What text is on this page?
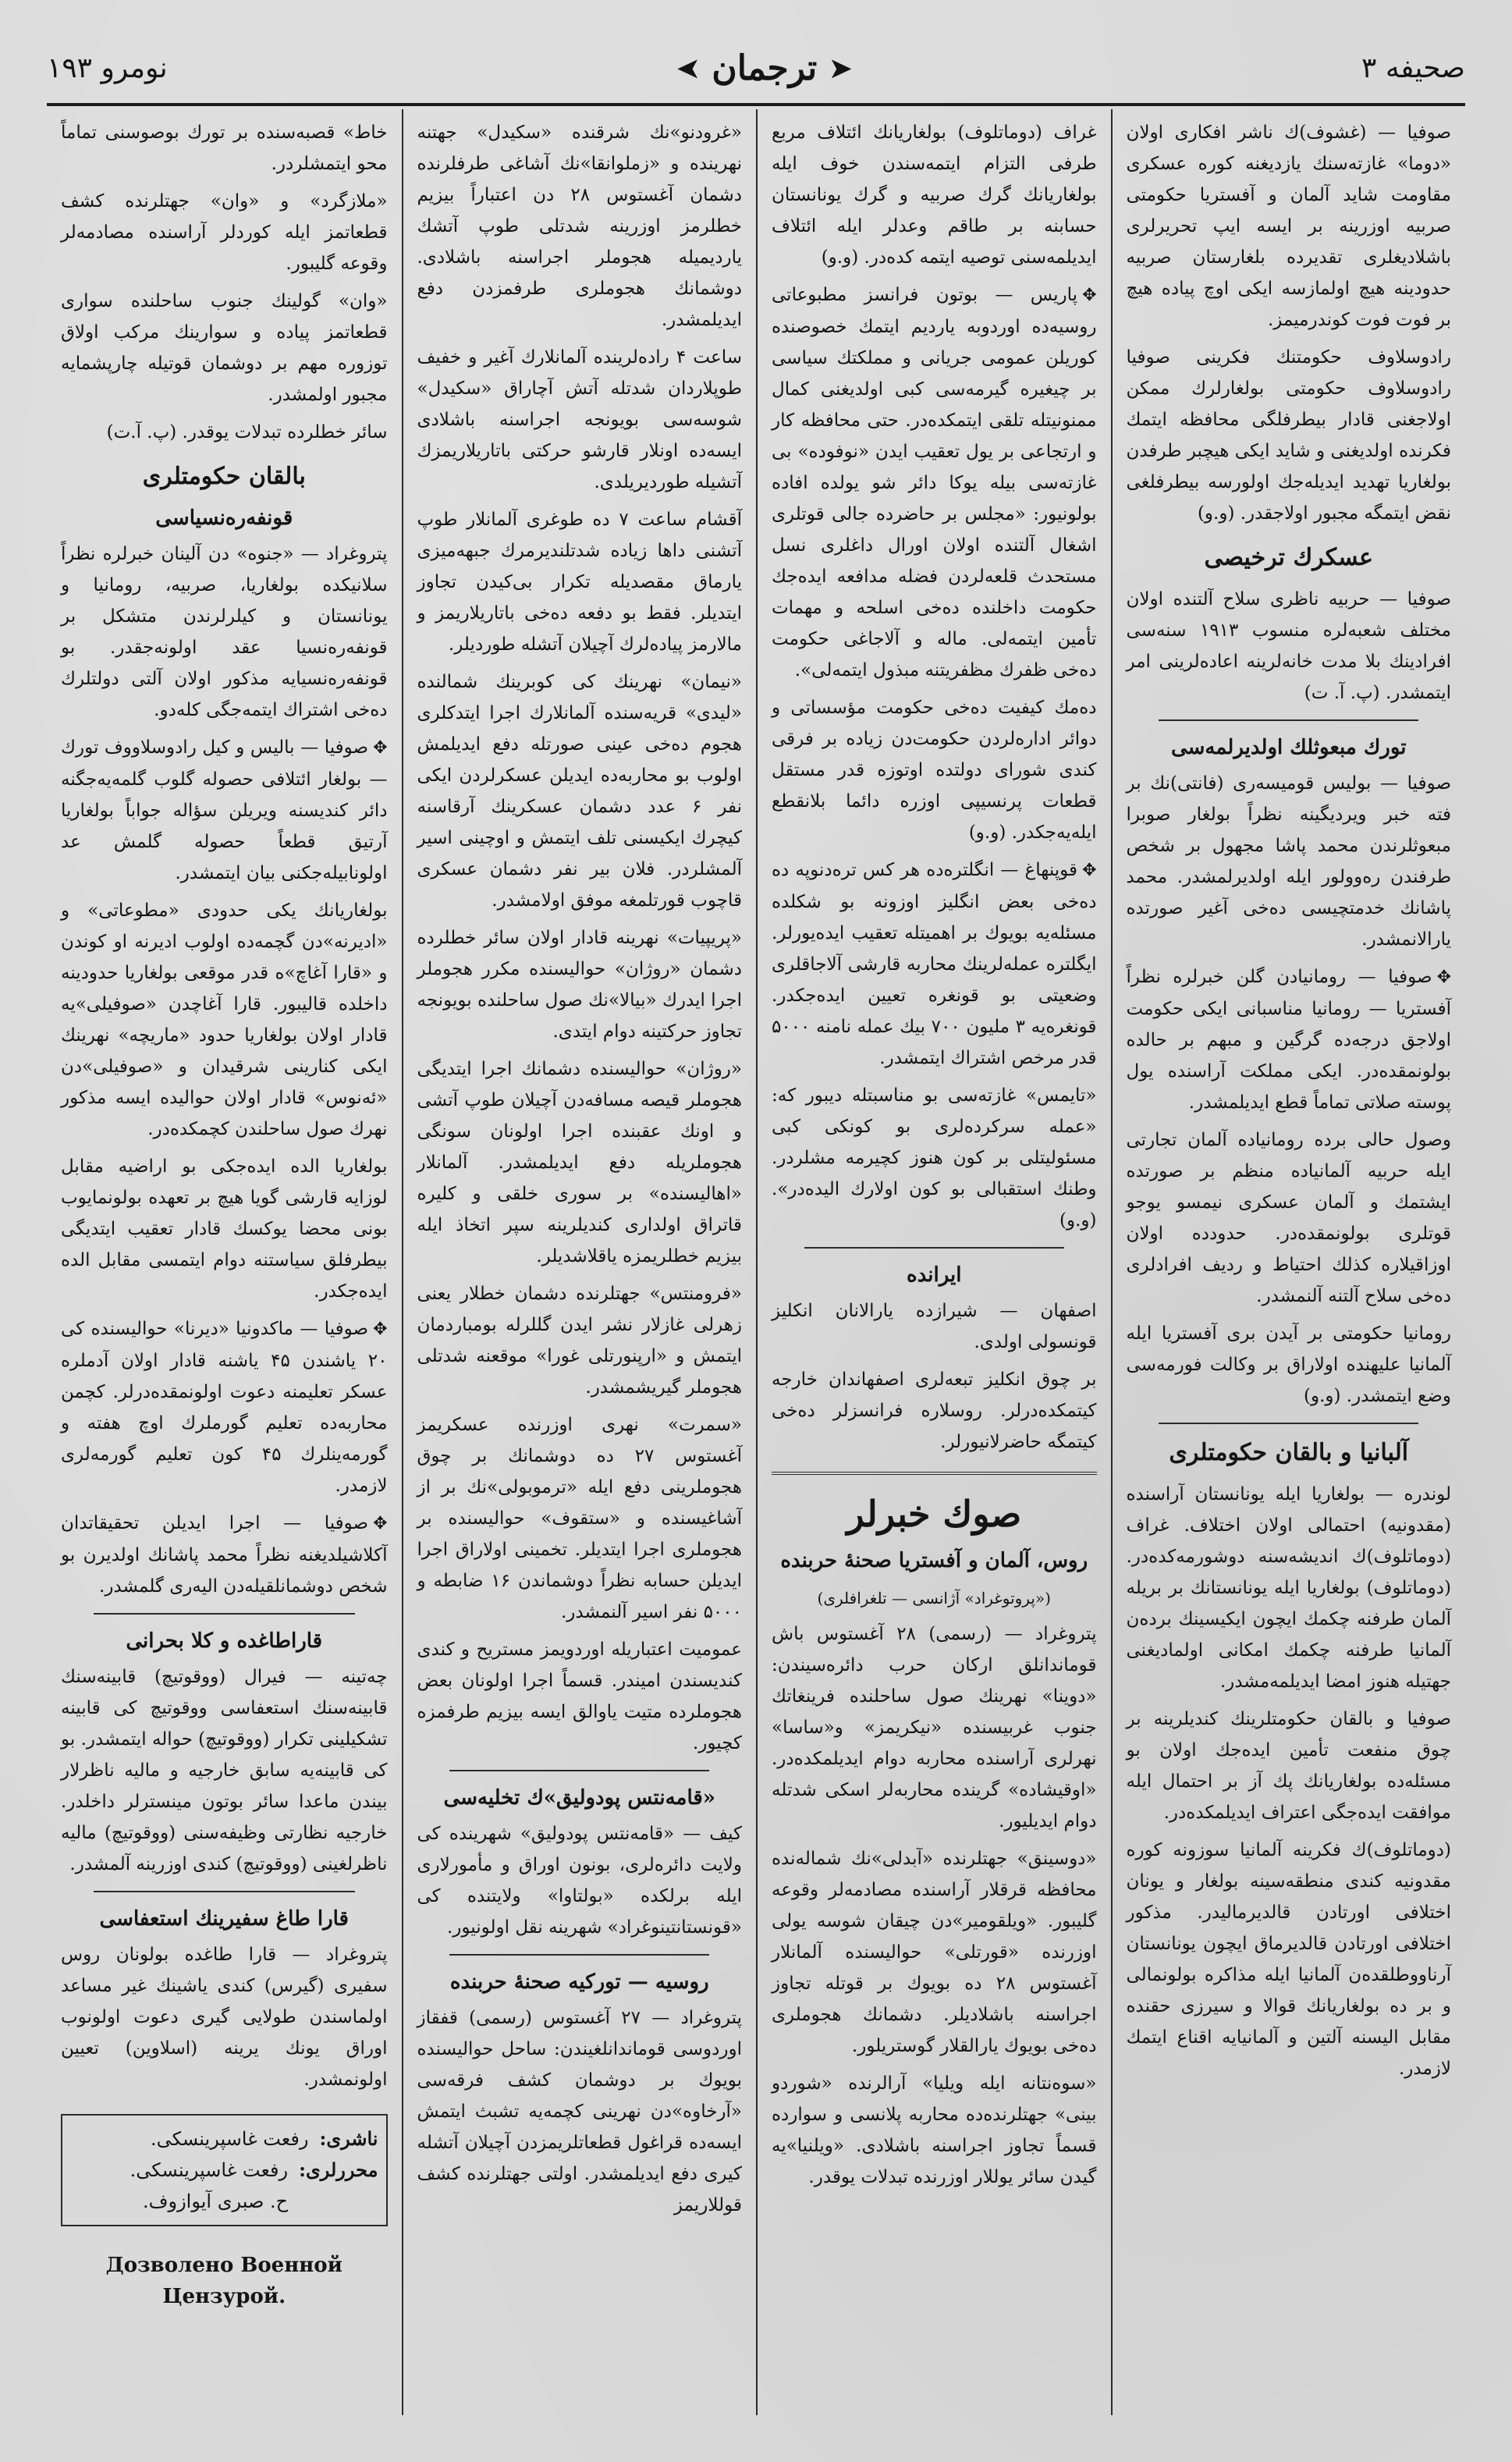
صحیفه ۳
➤
ترجمان
➤
نومرو ۱۹۳

صوفیا — (غشوف)ك ناشر افكاری اولان «دوما» غازته‌سنك یازدیغنه كوره عسكری مقاومت شاید آلمان و آفستریا حكومتی صربیه اوزرینه بر ایسه ایپ تحریرلری باشلادیغلری تقدیرده بلغارستان صربیه حدودینه هیچ اولمازسه ایكی اوچ پیاده هیچ بر فوت فوت كوندرمیمز.

رادوسلاوف حكومتنك فكرینی صوفیا رادوسلاوف حكومتی بولغارلرك ممكن اولاجغنی قادار بیطرفلگی محافظه ایتمك فكرنده اولدیغنی و شاید ایكی هیچبر طرفدن بولغاریا تهدید ایدیله‌جك اولورسه بیطرفلغی نقض ایتمگه مجبور اولاجقدر. (و.و)

عسكرك ترخیصی

صوفیا — حربیه ناظری سلاح آلتنده اولان مختلف شعبه‌لره منسوب ۱۹۱۳ سنه‌سی افرادینك بلا مدت خانه‌لرینه اعاده‌لرینی امر ایتمشدر. (پ. آ. ت)

تورك مبعوثلك اولدیرلمه‌سی

صوفیا — بولیس قومیسه‌ری (فانتی)نك بر فته خبر ویردیگینه نظراً بولغار صوبرا مبعوثلرندن محمد پاشا مجهول بر شخص طرفندن ره‌وولور ایله اولدیرلمشدر. محمد پاشانك خدمتچیسی ده‌خی آغیر صورتده یارالانمشدر.

✥صوفیا — رومانیادن گلن خبرلره نظراً آفستریا — رومانیا مناسبانی ایكی حكومت اولاجق درجه‌ده گرگین و مبهم بر حالده بولونمقده‌در. ایكی مملكت آراسنده یول پوسته صلاتی تماماً قطع ایدیلمشدر.

وصول حالی برده رومانیاده آلمان تجارتی ایله حربیه آلمانیاده منظم بر صورتده ایشتمك و آلمان عسكری نیمسو یوجو قوتلری بولونمقده‌در. حدودده اولان اوزاقیلاره كذلك احتیاط و ردیف افرادلری ده‌خی سلاح آلتنه آلنمشدر.

رومانیا حكومتی بر آیدن بری آفستریا ایله آلمانیا علیهنده اولاراق بر وكالت فورمه‌سی وضع ایتمشدر. (و.و)

آلبانیا و بالقان حكومتلری

لوندره — بولغاریا ایله یونانستان آراسنده (مقدونیه) احتمالی اولان اختلاف. غراف (دوماتلوف)ك اندیشه‌سنه دوشورمه‌كده‌در. (دوماتلوف) بولغاریا ایله یونانستانك بر بریله آلمان طرفنه چكمك ایچون ایكیسینك برده‌ن آلمانیا طرفنه چكمك امكانی اولمادیغنی جهتیله هنوز امضا ایدیلمه‌مشدر.

صوفیا و بالقان حكومتلرینك كندیلرینه بر چوق منفعت تأمین ایده‌جك اولان بو مسئله‌ده بولغاریانك پك آز بر احتمال ایله موافقت ایده‌جگی اعتراف ایدیلمكده‌در.

(دوماتلوف)ك فكرینه آلمانیا سوزونه كوره مقدونیه كندی منطقه‌سینه بولغار و یونان اختلافی اورتادن قالدیرمالیدر. مذكور اختلافی اورتادن قالدیرماق ایچون یونانستان آرناووطلقده‌ن آلمانیا ایله مذاكره بولونمالی و بر ده بولغاریانك قوالا و سیرزی حقنده مقابل الیسنه آلتین و آلمانیایه اقناع ایتمك لازمدر.

غراف (دوماتلوف) بولغاریانك ائتلاف مربع طرفی التزام ایتمه‌سندن خوف ایله بولغاریانك گرك صربیه و گرك یونانستان حسابنه بر طاقم وعدلر ایله ائتلاف ایدیلمه‌سنی توصیه ایتمه كده‌در. (و.و)

✥پاریس — بوتون فرانسز مطبوعاتی روسیه‌ده اوردوبه یاردیم ایتمك خصوصنده كوریلن عمومی جریانی و مملكتك سیاسی بر چیغیره گیرمه‌سی كبی اولدیغنی كمال ممنونیتله تلقی ایتمكده‌در. حتی محافظه كار و ارتجاعی بر یول تعقیب ایدن «نوفوده» بی غازته‌سی بیله یوكا دائر شو یولده افاده بولونیور: «مجلس بر حاضرده جالی قوتلری اشغال آلتنده اولان اورال داغلری نسل مستحدث قلعه‌لردن فضله مدافعه ایده‌جك حكومت داخلنده ده‌خی اسلحه و مهمات تأمین ایتمه‌لی. ماله و آلاجاغی حكومت ده‌خی ظفرك مظفریتنه مبذول ایتمه‌لی».

ده‌مك كیفیت ده‌خی حكومت مؤسساتی و دوائر اداره‌لردن حكومت‌دن زیاده بر فرقی كندی شورای دولتده اوتوزه قدر مستقل قطعات پرنسیپی اوزره دائما بلا‌نقطع ایله‌یه‌جكدر. (و.و)

✥قوپنهاغ — انگلتره‌ده هر كس تره‌دنوپه ده ده‌خی بعض انگلیز اوزونه بو شكلده مسئله‌یه بویوك بر اهمیتله تعقیب ایده‌یورلر. ایگلتره عمله‌لرینك محاربه قارشی آلاجاقلری وضعیتی بو قونغره تعیین ایده‌جكدر. قونغره‌یه ۳ ملیون ۷۰۰ بیك عمله نامنه ۵۰۰۰ قدر مرخص اشتراك ایتمشدر.

«تایمس» غازته‌سی بو مناسبتله دیبور كه: «عمله سركرده‌لری بو كونكی كبی مسئولیتلی بر كون هنوز كچیرمه مشلردر. وطنك استقبالی بو كون اولارك الیده‌در». (و.و)

ایرانده

اصفهان — شیرازده یارالانان انكلیز قونسولی اولدی.

بر چوق انكلیز تبعه‌لری اصفهاندان خارجه كیتمكده‌درلر. روسلاره فرانسزلر ده‌خی كیتمگه حاضرلانیورلر.

صوك خبرلر
روس، آلمان و آفستریا صحنهٔ حربنده
(«پروتوغراد» آژانسی — تلغرافلری)

پتروغراد — (رسمی) ۲۸ آغستوس باش قوماندانلق اركان حرب دائره‌سیندن: «دوینا» نهرینك صول ساحلنده فرینغاتك جنوب غربیسنده «نیكریمز» و«ساسا» نهرلری آراسنده محاربه دوام ایدیلمكده‌در. «اوقیشاده» گرینده محاربه‌لر اسكی شدتله دوام ایدیلیور.

«دوسینق» جهتلرنده «آبدلی»نك شماله‌نده محافظه قرقلار آراسنده مصادمه‌لر وقوعه گلیبور. «ویلقومیر»دن چیقان شوسه یولی اوزرنده «قورتلی» حوالیسنده آلمانلار آغستوس ۲۸ ده بویوك بر قوتله تجاوز اجراسنه باشلادیلر. دشمانك هجوملری ده‌خی بویوك یارالقلار گوستریلور.

«سوه‌نتانه ایله ویلیا» آرالرنده «شوردو بینی» جهتلرنده‌ده محاربه پلانسی و سوارده قسماً تجاوز اجراسنه باشلادی. «ویلنیا»یه گیدن سائر یوللار اوزرنده تبدلات یوقدر.

«غرودنو»نك شرقنده «سكیدل» جهتنه نهرینده و «زملوانقا»نك آشاغی طرفلرنده دشمان آغستوس ۲۸ دن اعتباراً بیزیم خطلرمز اوزرینه شدتلی طوپ آتشك یاردیمیله هجوملر اجراسنه باشلادی. دوشمانك هجوملری طرفمزدن دفع ایدیلمشدر.

ساعت ۴ راده‌لرینده آلمانلارك آغیر و خفیف طوپلاردان شدتله آتش آچاراق «سكیدل» شوسه‌سی بویونجه اجراسنه باشلادی ایسه‌ده اونلار قارشو حركتی باتاریلاریمزك آتشیله طوردیریلدی.

آقشام ساعت ۷ ده طوغری آلمانلار طوپ آتشنی داها زیاده شدتلندیرمرك جبهه‌میزی یارماق مقصدیله تكرار بی‌كیدن تجاوز ایتدیلر. فقط بو دفعه ده‌خی باتاریلاریمز و مالارمز پیاده‌لرك آچیلان آتشله طوردیلر.

«نیمان» نهرینك كی كوبرینك شمالنده «لیدی» قریه‌سنده آلمانلارك اجرا ایتدكلری هجوم ده‌خی عینی صورتله دفع ایدیلمش اولوب بو محاربه‌ده ایدیلن عسكرلردن ایكی نفر ۶ عدد دشمان عسكرینك آرقاسنه كیچرك ایكیسنی تلف ایتمش و اوچینی اسیر آلمشلردر. فلان بیر نفر دشمان عسكری قاچوب قورتلمغه موفق اولامشدر.

«پریپیات» نهرینه قادار اولان سائر خطلرده دشمان «روژان» حوالیسنده مكرر هجوملر اجرا ایدرك «بیالا»نك صول ساحلنده بویونجه تجاوز حركتینه دوام ایتدی.

«روژان» حوالیسنده دشمانك اجرا ایتدیگی هجوملر قیصه مسافه‌دن آچیلان طوپ آتشی و اونك عقبنده اجرا اولونان سونگی هجوملریله دفع ایدیلمشدر. آلمانلار «اهالیسنده» بر سوری خلقی و كلیره قاتراق اولداری كندیلرینه سپر اتخاذ ایله بیزیم خطلریمزه یاقلاشدیلر.

«فرومنتس» جهتلرنده دشمان خطلار یعنی زهرلی غازلار نشر ایدن گللرله بومباردمان ایتمش و «ارپنورتلی غورا» موقعنه شدتلی هجوملر گیریشمشدر.

«سمرت» نهری اوزرنده عسكریمز آغستوس ۲۷ ده دوشمانك بر چوق هجوملرینی دفع ایله «ترموبولی»نك بر از آشاغیسنده و «ستقوف» حوالیسنده بر هجوملری اجرا ایتدیلر. تخمینی اولاراق اجرا ایدیلن حسابه نظراً دوشماندن ۱۶ ضابطه و ۵۰۰۰ نفر اسیر آلنمشدر.

عمومیت اعتباریله اوردویمز مستریح و كندی كندیسندن امیندر. قسماً اجرا اولونان بعض هجوملرده متیت یاوالق ایسه بیزیم طرفمزه كچیور.

«قامه‌نتس پودولیق»ك تخلیه‌سی

كیف — «قامه‌نتس پودولیق» شهرینده كی ولایت دائره‌لری، بونون اوراق و مأمورلاری ایله برلكده «بولتاوا» ولایتنده كی «قونستانتینوغراد» شهرینه نقل اولونیور.

روسیه — توركیه صحنهٔ حربنده

پتروغراد — ۲۷ آغستوس (رسمی) قفقاز اوردوسی قوماندانلغیندن: ساحل حوالیسنده بویوك بر دوشمان كشف فرقه‌سی «آرخاوه»دن نهرینی كچمه‌یه تشبث ایتمش ایسه‌ده قراغول قطعاتلریمزدن آچیلان آتشله كیری دفع ایدیلمشدر. اولتی جهتلرنده كشف قوللاریمز

خاط» قصبه‌سنده بر تورك بوصوسنی تماماً محو ایتمشلردر.

«ملازگرد» و «وان» جهتلرنده كشف قطعاتمز ایله كوردلر آراسنده مصادمه‌لر وقوعه گلیبور.

«وان» گولینك جنوب ساحلنده سواری قطعاتمز پیاده و سوارینك مركب اولاق توزوره مهم بر دوشمان قوتیله چارپشمایه مجبور اولمشدر.

سائر خطلرده تبدلات یوقدر. (پ. آ.ت)

بالقان حكومتلری
قونفه‌ره‌نسیاسی

پتروغراد — «جنوه» دن آلینان خبرلره نظراً سلانیكده بولغاریا، صربیه، رومانیا و یونانستان و كیلرلرندن متشكل بر قونفه‌ره‌نسیا عقد اولونه‌جقدر. بو قونفه‌ره‌نسیایه مذكور اولان آلتی دولتلرك ده‌خی اشتراك ایتمه‌جگی كله‌دو.

✥صوفیا — بالیس و كیل رادوسلاووف تورك — بولغار ائتلافی حصوله گلوب گلمه‌یه‌جگنه دائر كندیسنه ویریلن سؤاله جواباً بولغاریا آرتیق قطعاً حصوله گلمش عد اولونابیله‌جكنی بیان ایتمشدر.

بولغاریانك یكی حدودی «مطوعاتی» و «ادیرنه»دن گچمه‌ده اولوب ادیرنه او كوندن و «قارا آغاچ»ه قدر موقعی بولغاریا حدودینه داخلده قالیبور. قارا آغاچدن «صوفیلی»یه قادار اولان بولغاریا حدود «ماریچه» نهرینك ایكی كنارینی شرقیدان و «صوفیلی»دن «ئه‌نوس» قادار اولان حوالیده ایسه مذكور نهرك صول ساحلندن كچمكده‌در.

بولغاریا الده ایده‌جكی بو اراضیه مقابل لوزایه قارشی گویا هیچ بر تعهده بولونمایوب بونی محضا یوكسك قادار تعقیب ایتدیگی بیطرفلق سیاستنه دوام ایتمسی مقابل الده ایده‌جكدر.

✥صوفیا — ماكدونیا «دیرنا» حوالیسنده كی ۲۰ یاشندن ۴۵ یاشنه قادار اولان آدملره عسكر تعلیمنه دعوت اولونمقده‌درلر. كچمن محاربه‌ده تعلیم گورملرك اوچ هفته و گورمه‌ینلرك ۴۵ كون تعلیم گورمه‌لری لازمدر.

✥صوفیا — اجرا ایدیلن تحقیقاتدان آكلاشیلدیغنه نظراً محمد پاشانك اولدیرن بو شخص دوشمانلقیله‌دن الیه‌ری گلمشدر.

قاراطاغده و كلا بحرانی

چه‌تینه — فیرال (ووقوتیچ) قابینه‌سنك قابینه‌سنك استعفاسی ووقوتیچ كی قابینه تشكیلینی تكرار (ووقوتیچ) حواله ایتمشدر. بو كی قابینه‌یه سابق خارجیه و مالیه ناظرلار بیندن ماعدا سائر بوتون مینسترلر داخلدر. خارجیه نظارتی وظیفه‌سنی (ووقوتیچ) مالیه ناظرلغینی (ووقوتیچ) كندی اوزرینه آلمشدر.

قارا طاغ سفیرینك استعفاسی

پتروغراد — قارا طاغده بولونان روس سفیری (گیرس) كندی یاشینك غیر مساعد اولماسندن طولایی گیری دعوت اولونوب اوراق یونك یرینه (اسلاوین) تعیین اولونمشدر.

ناشری:
رفعت غاسپرینسكی.
محررلری:
رفعت غاسپرینسكی.
ح. صبری آیوازوف.
Дозволено Военной Цензурой.
